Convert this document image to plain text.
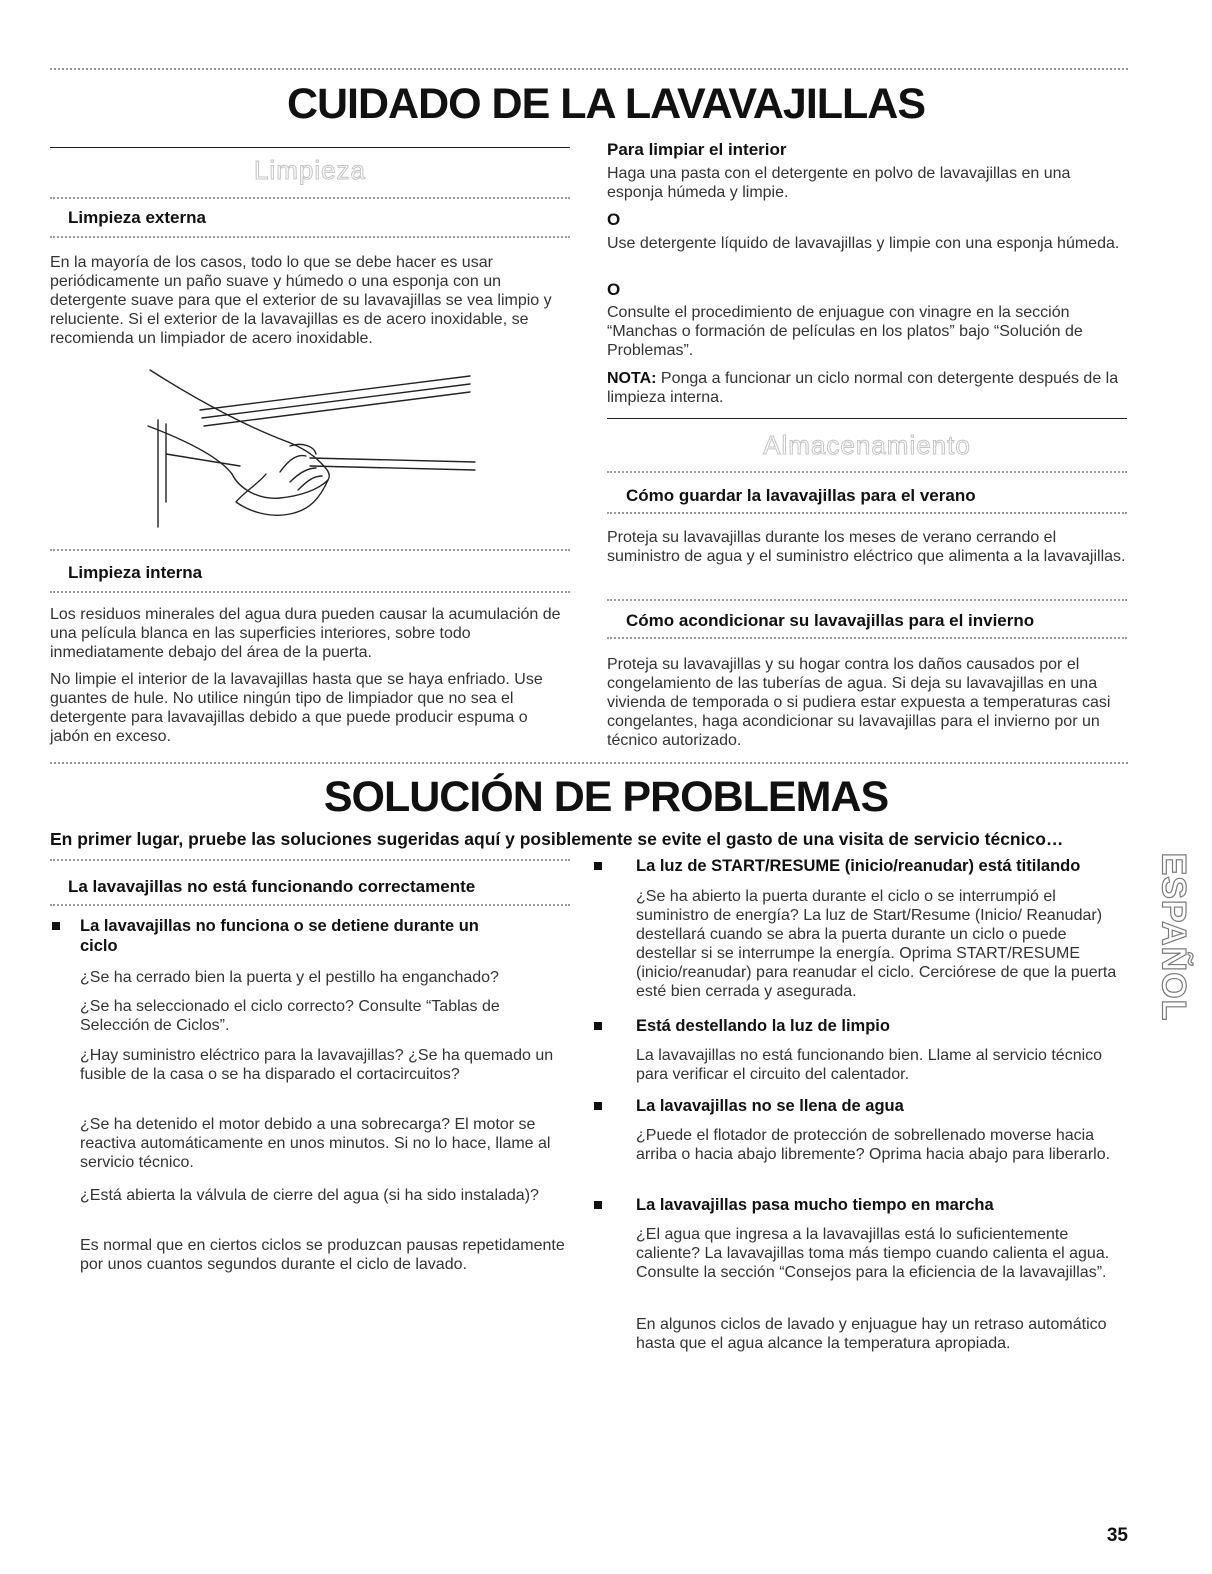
CUIDADO DE LA LAVAVAJILLAS
Limpieza
Limpieza externa

En la mayoría de los casos, todo lo que se debe hacer es usar periódicamente un paño suave y húmedo o una esponja con un detergente suave para que el exterior de su lavavajillas se vea limpio y reluciente. Si el exterior de la lavavajillas es de acero inoxidable, se recomienda un limpiador de acero inoxidable.

Limpieza interna

Los residuos minerales del agua dura pueden causar la acumulación de una película blanca en las superficies interiores, sobre todo inmediatamente debajo del área de la puerta.

No limpie el interior de la lavavajillas hasta que se haya enfriado. Use guantes de hule. No utilice ningún tipo de limpiador que no sea el detergente para lavavajillas debido a que puede producir espuma o jabón en exceso.

Para limpiar el interior

Haga una pasta con el detergente en polvo de lavavajillas en una esponja húmeda y limpie.

O

Use detergente líquido de lavavajillas y limpie con una esponja húmeda.

O

Consulte el procedimiento de enjuague con vinagre en la sección “Manchas o formación de películas en los platos” bajo “Solución de Problemas”.

NOTA: Ponga a funcionar un ciclo normal con detergente después de la limpieza interna.

Almacenamiento
Cómo guardar la lavavajillas para el verano

Proteja su lavavajillas durante los meses de verano cerrando el suministro de agua y el suministro eléctrico que alimenta a la lavavajillas.

Cómo acondicionar su lavavajillas para el invierno

Proteja su lavavajillas y su hogar contra los daños causados por el congelamiento de las tuberías de agua. Si deja su lavavajillas en una vivienda de temporada o si pudiera estar expuesta a temperaturas casi congelantes, haga acondicionar su lavavajillas para el invierno por un técnico autorizado.

SOLUCIÓN DE PROBLEMAS
En primer lugar, pruebe las soluciones sugeridas aquí y posiblemente se evite el gasto de una visita de servicio técnico…
La lavavajillas no está funcionando correctamente
La lavavajillas no funciona o se detiene durante un ciclo

¿Se ha cerrado bien la puerta y el pestillo ha enganchado?

¿Se ha seleccionado el ciclo correcto? Consulte “Tablas de Selección de Ciclos”.

¿Hay suministro eléctrico para la lavavajillas? ¿Se ha quemado un fusible de la casa o se ha disparado el cortacircuitos?

¿Se ha detenido el motor debido a una sobrecarga? El motor se reactiva automáticamente en unos minutos. Si no lo hace, llame al servicio técnico.

¿Está abierta la válvula de cierre del agua (si ha sido instalada)?

Es normal que en ciertos ciclos se produzcan pausas repetidamente por unos cuantos segundos durante el ciclo de lavado.

La luz de START/RESUME (inicio/reanudar) está titilando

¿Se ha abierto la puerta durante el ciclo o se interrumpió el suministro de energía? La luz de Start/Resume (Inicio/ Reanudar) destellará cuando se abra la puerta durante un ciclo o puede destellar si se interrumpe la energía. Oprima START/RESUME (inicio/reanudar) para reanudar el ciclo. Cerciórese de que la puerta esté bien cerrada y asegurada.

Está destellando la luz de limpio

La lavavajillas no está funcionando bien. Llame al servicio técnico para verificar el circuito del calentador.

La lavavajillas no se llena de agua

¿Puede el flotador de protección de sobrellenado moverse hacia arriba o hacia abajo libremente? Oprima hacia abajo para liberarlo.

La lavavajillas pasa mucho tiempo en marcha

¿El agua que ingresa a la lavavajillas está lo suficientemente caliente? La lavavajillas toma más tiempo cuando calienta el agua. Consulte la sección “Consejos para la eficiencia de la lavavajillas”.

En algunos ciclos de lavado y enjuague hay un retraso automático hasta que el agua alcance la temperatura apropiada.

ESPAÑOL
35
